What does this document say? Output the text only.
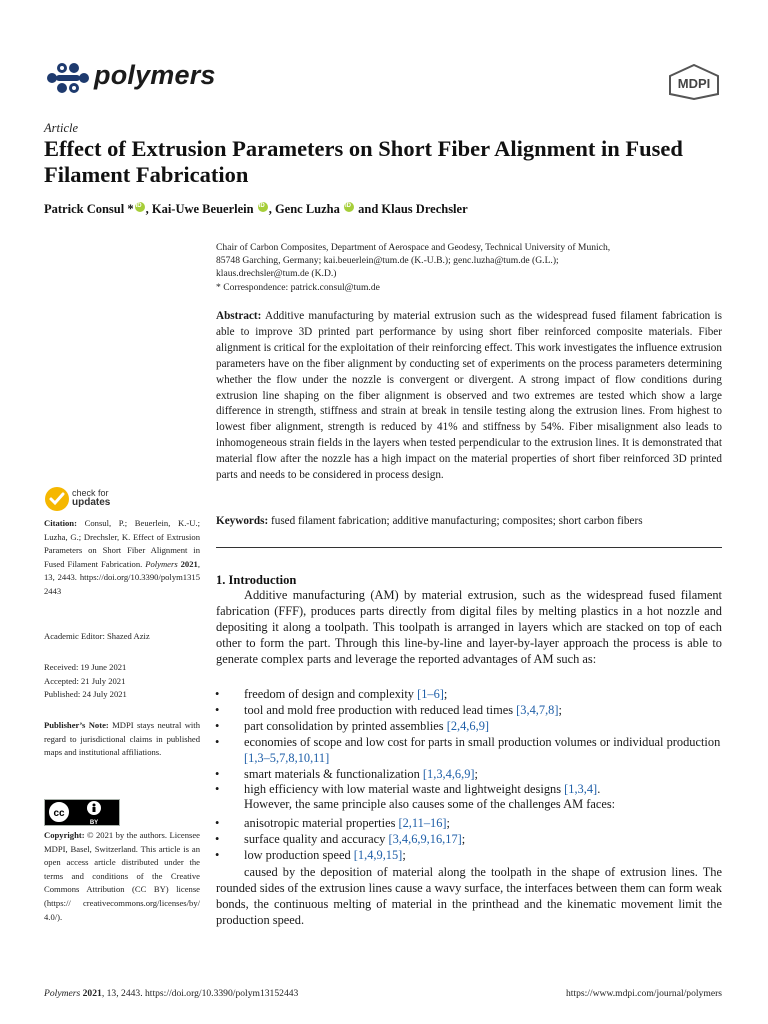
polymers	MDPI
Article
Effect of Extrusion Parameters on Short Fiber Alignment in Fused Filament Fabrication
Patrick Consul * iD , Kai-Uwe Beuerlein iD , Genc Luzha iD and Klaus Drechsler
Chair of Carbon Composites, Department of Aerospace and Geodesy, Technical University of Munich,
85748 Garching, Germany; kai.beuerlein@tum.de (K.-U.B.); genc.luzha@tum.de (G.L.);
klaus.drechsler@tum.de (K.D.)
* Correspondence: patrick.consul@tum.de
Abstract: Additive manufacturing by material extrusion such as the widespread fused filament fabrication is able to improve 3D printed part performance by using short fiber reinforced composite materials. Fiber alignment is critical for the exploitation of their reinforcing effect. This work investigates the influence extrusion parameters have on the fiber alignment by conducting set of experiments on the process parameters determining whether the flow under the nozzle is convergent or divergent. A strong impact of flow conditions during extrusion line shaping on the fiber alignment is observed and two extremes are tested which show a large difference in strength, stiffness and strain at break in tensile testing along the extrusion lines. From highest to lowest fiber alignment, strength is reduced by 41% and stiffness by 54%. Fiber misalignment also leads to inhomogeneous strain fields in the layers when tested perpendicular to the extrusion lines. It is demonstrated that material flow after the nozzle has a high impact on the material properties of short fiber reinforced 3D printed parts and needs to be considered in process design.
Keywords: fused filament fabrication; additive manufacturing; composites; short carbon fibers
check for
updates
Citation: Consul, P.; Beuerlein, K.-U.; Luzha, G.; Drechsler, K. Effect of Extrusion Parameters on Short Fiber Alignment in Fused Filament Fabrication. Polymers 2021, 13, 2443. https://doi.org/10.3390/polym13152443
Academic Editor: Shazed Aziz
Received: 19 June 2021
Accepted: 21 July 2021
Published: 24 July 2021
Publisher’s Note: MDPI stays neutral with regard to jurisdictional claims in published maps and institutional affiliations.
cc
BY
Copyright: © 2021 by the authors. Licensee MDPI, Basel, Switzerland. This article is an open access article distributed under the terms and conditions of the Creative Commons Attribution (CC BY) license (https:// creativecommons.org/licenses/by/ 4.0/).
1. Introduction
Additive manufacturing (AM) by material extrusion, such as the widespread fused filament fabrication (FFF), produces parts directly from digital files by melting plastics in a hot nozzle and depositing it along a toolpath. This toolpath is arranged in layers which are stacked on top of each other to form the part. Through this line-by-line and layer-by-layer approach the process is able to generate complex parts and leverage the reported advantages of AM such as:
• freedom of design and complexity [1–6];
• tool and mold free production with reduced lead times [3,4,7,8];
• part consolidation by printed assemblies [2,4,6,9]
• economies of scope and low cost for parts in small production volumes or individual production [1,3–5,7,8,10,11]
• smart materials & functionalization [1,3,4,6,9];
• high efficiency with low material waste and lightweight designs [1,3,4].
However, the same principle also causes some of the challenges AM faces:
• anisotropic material properties [2,11–16];
• surface quality and accuracy [3,4,6,9,16,17];
• low production speed [1,4,9,15];
caused by the deposition of material along the toolpath in the shape of extrusion lines. The rounded sides of the extrusion lines cause a wavy surface, the interfaces between them can form weak bonds, the continuous melting of material in the printhead and the kinematic movement limit the production speed.
Polymers 2021, 13, 2443. https://doi.org/10.3390/polym13152443	https://www.mdpi.com/journal/polymers
